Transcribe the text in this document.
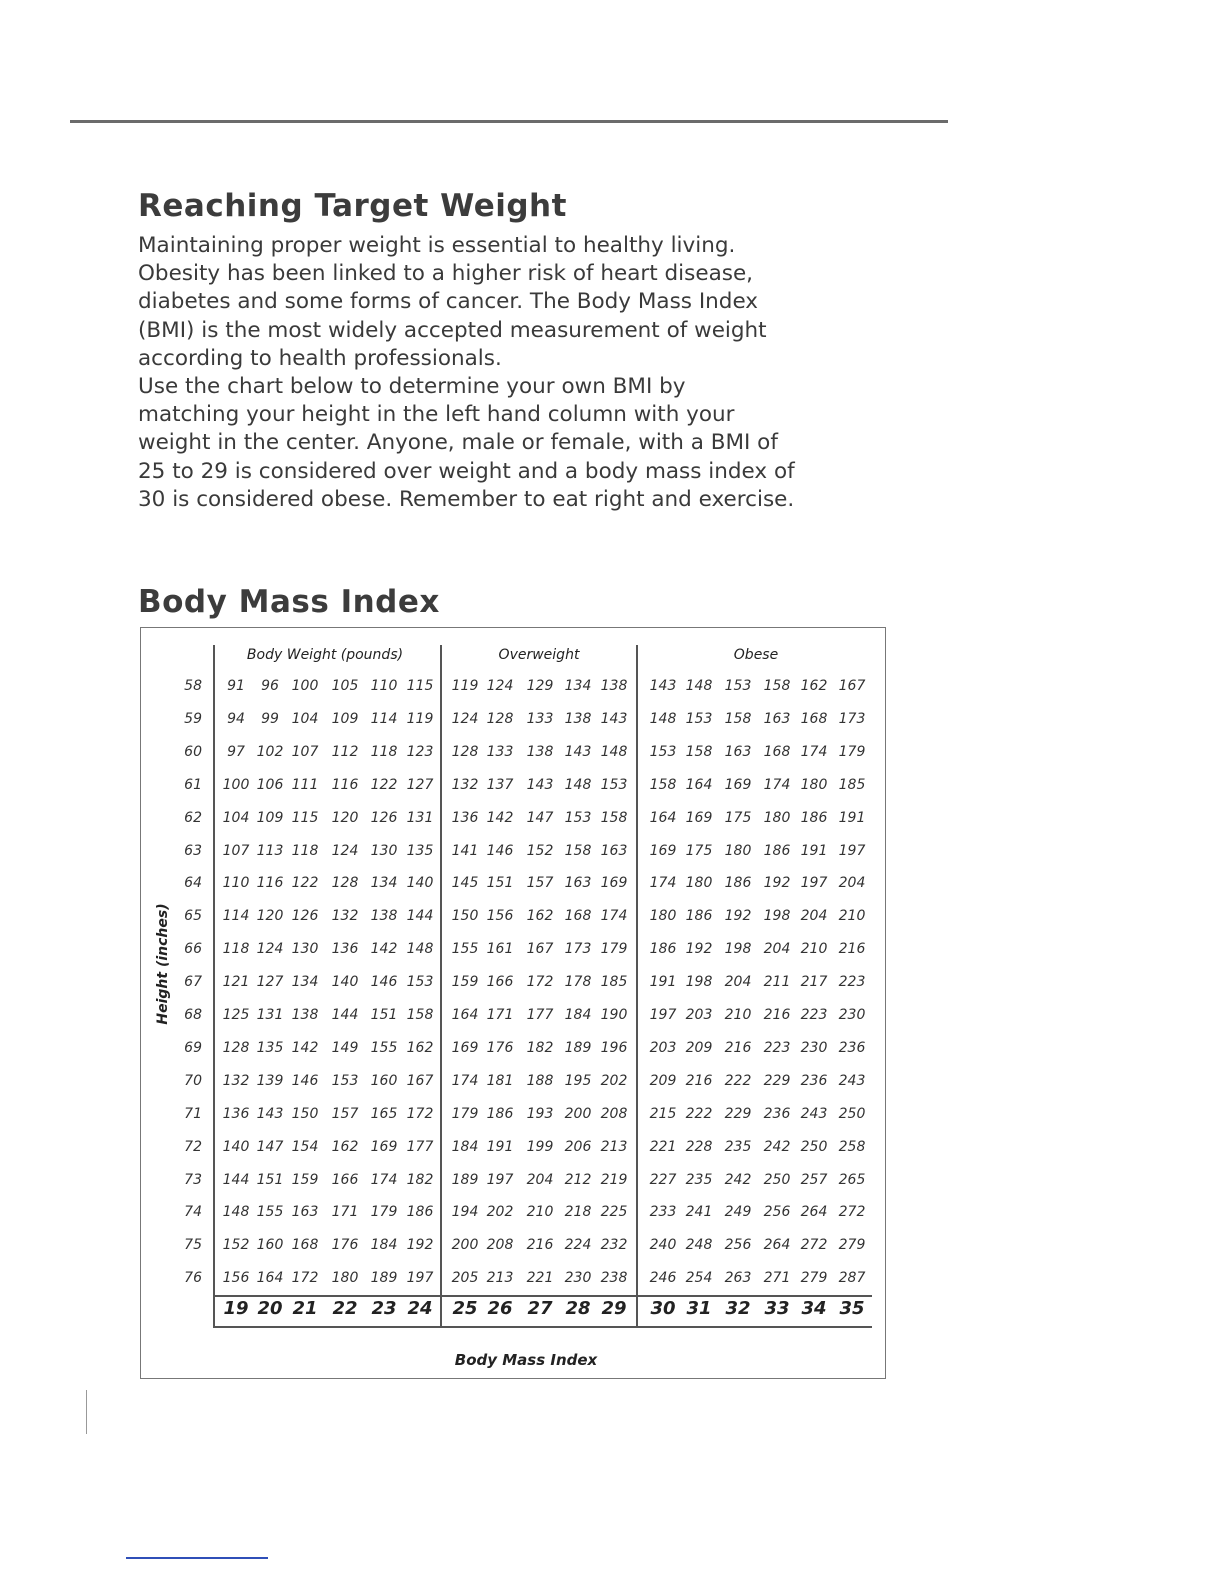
Reaching Target Weight

Maintaining proper weight is essential to healthy living.
Obesity has been linked to a higher risk of heart disease,
diabetes and some forms of cancer. The Body Mass Index
(BMI) is the most widely accepted measurement of weight
according to health professionals.
Use the chart below to determine your own BMI by
matching your height in the left hand column with your
weight in the center. Anyone, male or female, with a BMI of
25 to 29 is considered over weight and a body mass index of
30 is considered obese. Remember to eat right and exercise.

Body Mass Index
Body Weight (pounds)	Overweight	Obese
Height (inches)
Body Mass Index
58 91 96 100 105 110 115 119 124 129 134 138 143 148 153 158 162 167
59 94 99 104 109 114 119 124 128 133 138 143 148 153 158 163 168 173
60 97 102 107 112 118 123 128 133 138 143 148 153 158 163 168 174 179
61 100 106 111 116 122 127 132 137 143 148 153 158 164 169 174 180 185
62 104 109 115 120 126 131 136 142 147 153 158 164 169 175 180 186 191
63 107 113 118 124 130 135 141 146 152 158 163 169 175 180 186 191 197
64 110 116 122 128 134 140 145 151 157 163 169 174 180 186 192 197 204
65 114 120 126 132 138 144 150 156 162 168 174 180 186 192 198 204 210
66 118 124 130 136 142 148 155 161 167 173 179 186 192 198 204 210 216
67 121 127 134 140 146 153 159 166 172 178 185 191 198 204 211 217 223
68 125 131 138 144 151 158 164 171 177 184 190 197 203 210 216 223 230
69 128 135 142 149 155 162 169 176 182 189 196 203 209 216 223 230 236
70 132 139 146 153 160 167 174 181 188 195 202 209 216 222 229 236 243
71 136 143 150 157 165 172 179 186 193 200 208 215 222 229 236 243 250
72 140 147 154 162 169 177 184 191 199 206 213 221 228 235 242 250 258
73 144 151 159 166 174 182 189 197 204 212 219 227 235 242 250 257 265
74 148 155 163 171 179 186 194 202 210 218 225 233 241 249 256 264 272
75 152 160 168 176 184 192 200 208 216 224 232 240 248 256 264 272 279
76 156 164 172 180 189 197 205 213 221 230 238 246 254 263 271 279 287
19 20 21 22 23 24 25 26 27 28 29 30 31 32 33 34 35
